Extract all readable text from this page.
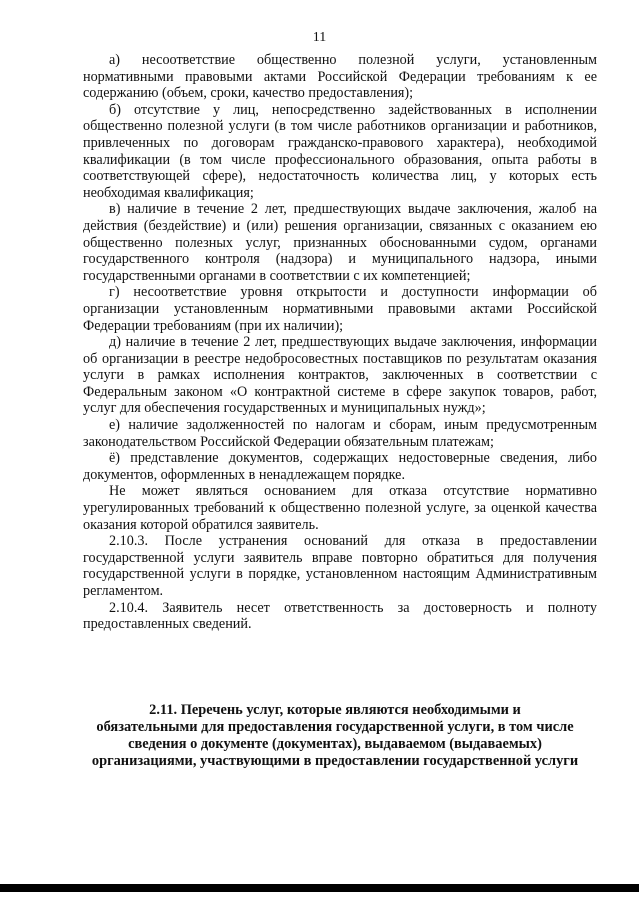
11

а) несоответствие общественно полезной услуги, установленным нормативными правовыми актами Российской Федерации требованиям к ее содержанию (объем, сроки, качество предоставления);

б) отсутствие у лиц, непосредственно задействованных в исполнении общественно полезной услуги (в том числе работников организации и работников, привлеченных по договорам гражданско-правового характера), необходимой квалификации (в том числе профессионального образования, опыта работы в соответствующей сфере), недостаточность количества лиц, у которых есть необходимая квалификация;

в) наличие в течение 2 лет, предшествующих выдаче заключения, жалоб на действия (бездействие) и (или) решения организации, связанных с оказанием ею общественно полезных услуг, признанных обоснованными судом, органами государственного контроля (надзора) и муниципального надзора, иными государственными органами в соответствии с их компетенцией;

г) несоответствие уровня открытости и доступности информации об организации установленным нормативными правовыми актами Российской Федерации требованиям (при их наличии);

д) наличие в течение 2 лет, предшествующих выдаче заключения, информации об организации в реестре недобросовестных поставщиков по результатам оказания услуги в рамках исполнения контрактов, заключенных в соответствии с Федеральным законом «О контрактной системе в сфере закупок товаров, работ, услуг для обеспечения государственных и муниципальных нужд»;

е) наличие задолженностей по налогам и сборам, иным предусмотренным законодательством Российской Федерации обязательным платежам;

ё) представление документов, содержащих недостоверные сведения, либо документов, оформленных в ненадлежащем порядке.

Не может являться основанием для отказа отсутствие нормативно урегулированных требований к общественно полезной услуге, за оценкой качества оказания которой обратился заявитель.

2.10.3. После устранения оснований для отказа в предоставлении государственной услуги заявитель вправе повторно обратиться для получения государственной услуги в порядке, установленном настоящим Административным регламентом.

2.10.4. Заявитель несет ответственность за достоверность и полноту предоставленных сведений.

2.11. Перечень услуг, которые являются необходимыми и
обязательными для предоставления государственной услуги, в том числе
сведения о документе (документах), выдаваемом (выдаваемых)
организациями, участвующими в предоставлении государственной услуги
